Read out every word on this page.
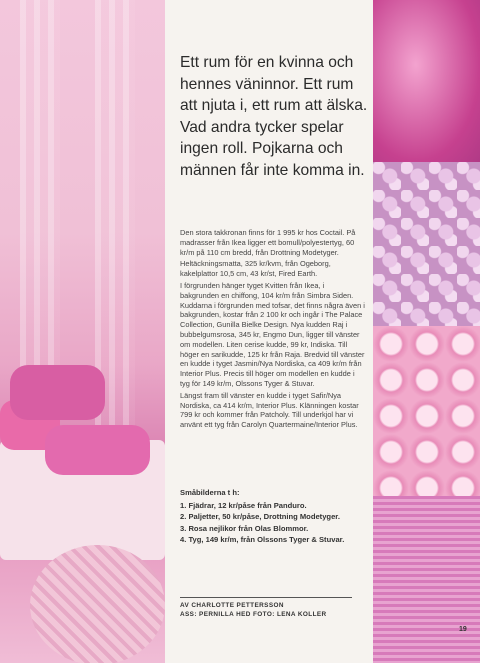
Ett rum för en kvinna och hennes väninnor. Ett rum att njuta i, ett rum att älska. Vad andra tycker spelar ingen roll. Pojkarna och männen får inte komma in.

Den stora takkronan finns för 1 995 kr hos Coctail. På madrasser från Ikea ligger ett bomull/polyestertyg, 60 kr/m på 110 cm bredd, från Drottning Modetyger.

Heltäckningsmatta, 325 kr/kvm, från Ogeborg, kakelplattor 10,5 cm, 43 kr/st, Fired Earth.

I förgrunden hänger tyget Kvitten från Ikea, i bakgrunden en chiffong, 104 kr/m från Simbra Siden. Kuddarna i förgrunden med tofsar, det finns några även i bakgrunden, kostar från 2 100 kr och ingår i The Palace Collection, Gunilla Bielke Design. Nya kudden Raj i bubbelgumsrosa, 345 kr, Engmo Dun, ligger till vänster om modellen. Liten cerise kudde, 99 kr, Indiska. Till höger en sarikudde, 125 kr från Raja. Bredvid till vänster en kudde i tyget Jasmin/Nya Nordiska, ca 409 kr/m från Interior Plus. Precis till höger om modellen en kudde i tyg för 149 kr/m, Olssons Tyger & Stuvar.

Längst fram till vänster en kudde i tyget Safir/Nya Nordiska, ca 414 kr/m, Interior Plus. Klänningen kostar 799 kr och kommer från Patcholy. Till underkjol har vi använt ett tyg från Carolyn Quartermaine/Interior Plus.

Småbilderna t h:
1. Fjädrar, 12 kr/påse från Panduro.
2. Paljetter, 50 kr/påse, Drottning Modetyger.
3. Rosa nejlikor från Olas Blommor.
4. Tyg, 149 kr/m, från Olssons Tyger & Stuvar.
AV CHARLOTTE PETTERSSON
ASS: PERNILLA HED FOTO: LENA KOLLER
19
